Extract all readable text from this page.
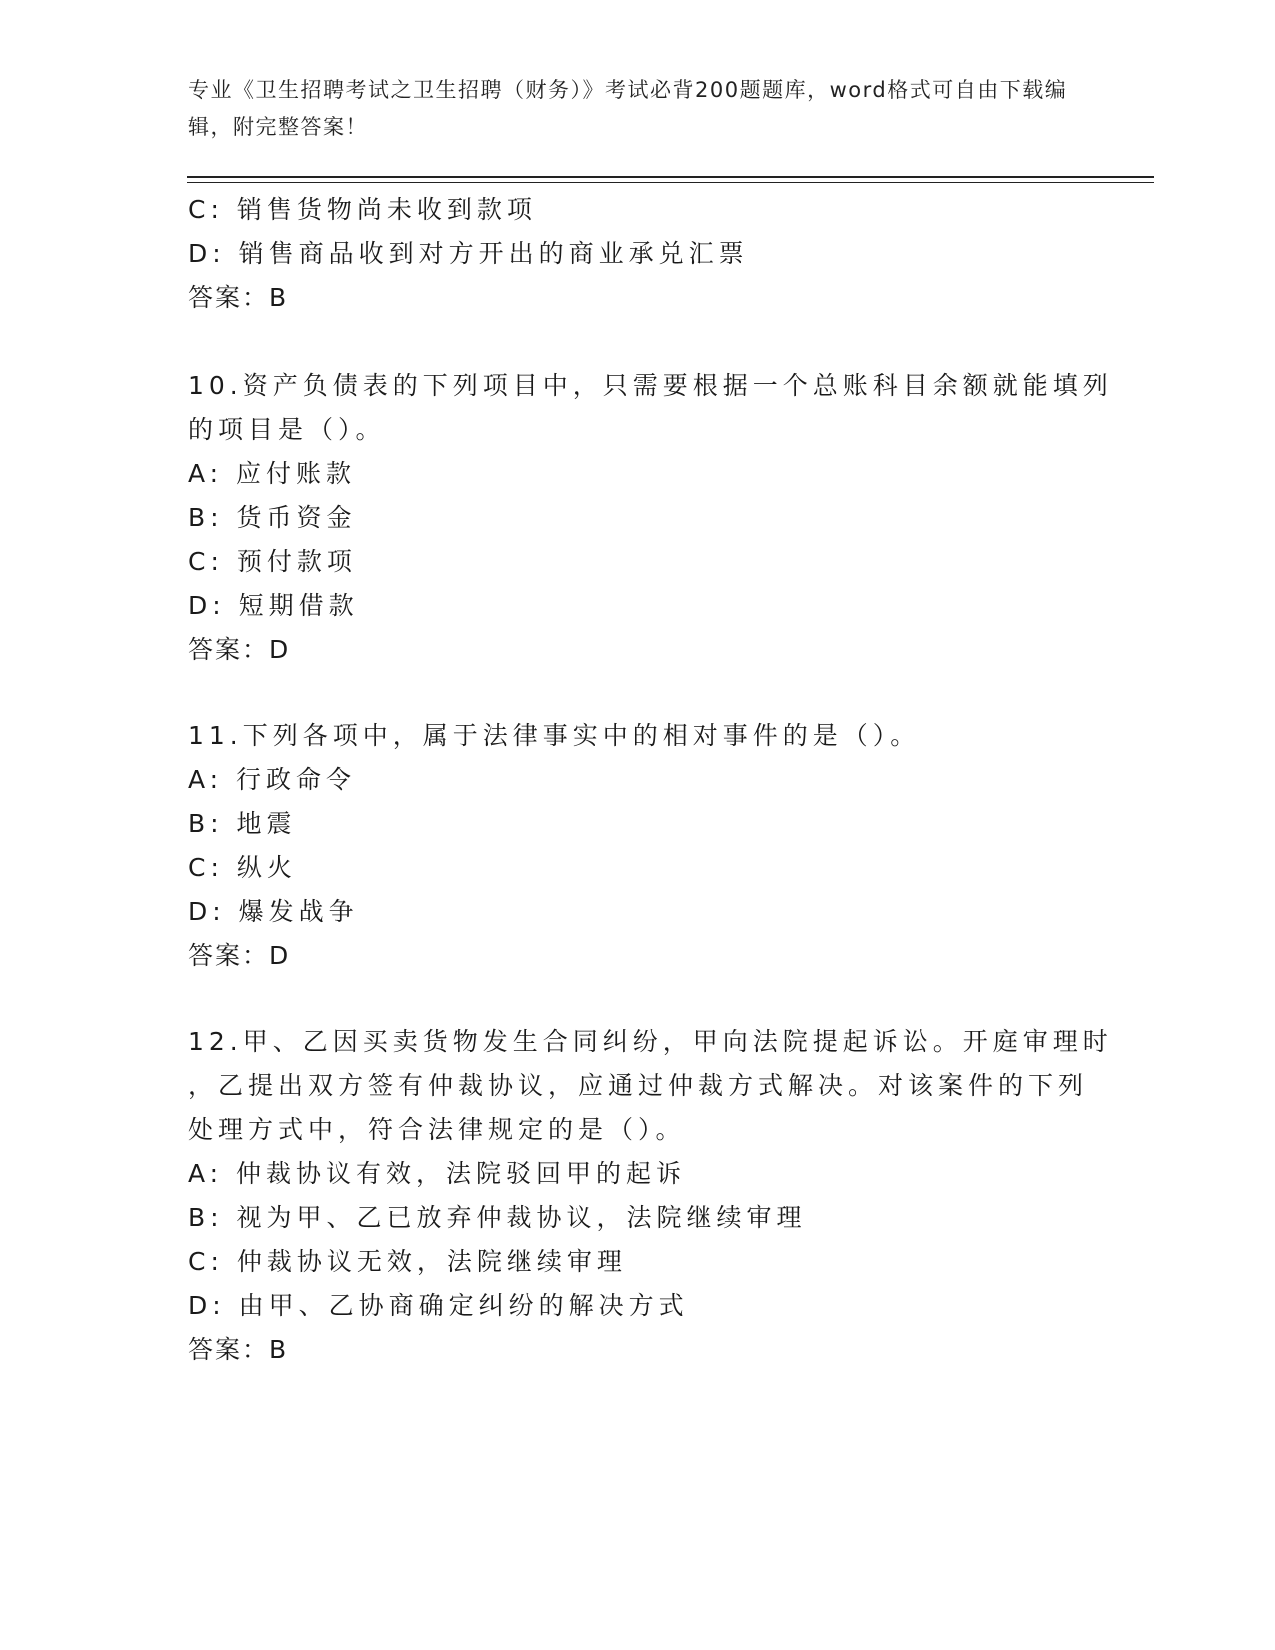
专业《卫生招聘考试之卫生招聘（财务）》考试必背200题题库，word格式可自由下载编辑，附完整答案！
C: 销售货物尚未收到款项
D: 销售商品收到对方开出的商业承兑汇票
答案：B
10.资产负债表的下列项目中，只需要根据一个总账科目余额就能填列
的项目是（）。
A: 应付账款
B: 货币资金
C: 预付款项
D: 短期借款
答案：D
11.下列各项中，属于法律事实中的相对事件的是（）。
A: 行政命令
B: 地震
C: 纵火
D: 爆发战争
答案：D
12.甲、乙因买卖货物发生合同纠纷，甲向法院提起诉讼。开庭审理时
，乙提出双方签有仲裁协议，应通过仲裁方式解决。对该案件的下列
处理方式中，符合法律规定的是（）。
A: 仲裁协议有效，法院驳回甲的起诉
B: 视为甲、乙已放弃仲裁协议，法院继续审理
C: 仲裁协议无效，法院继续审理
D: 由甲、乙协商确定纠纷的解决方式
答案：B
